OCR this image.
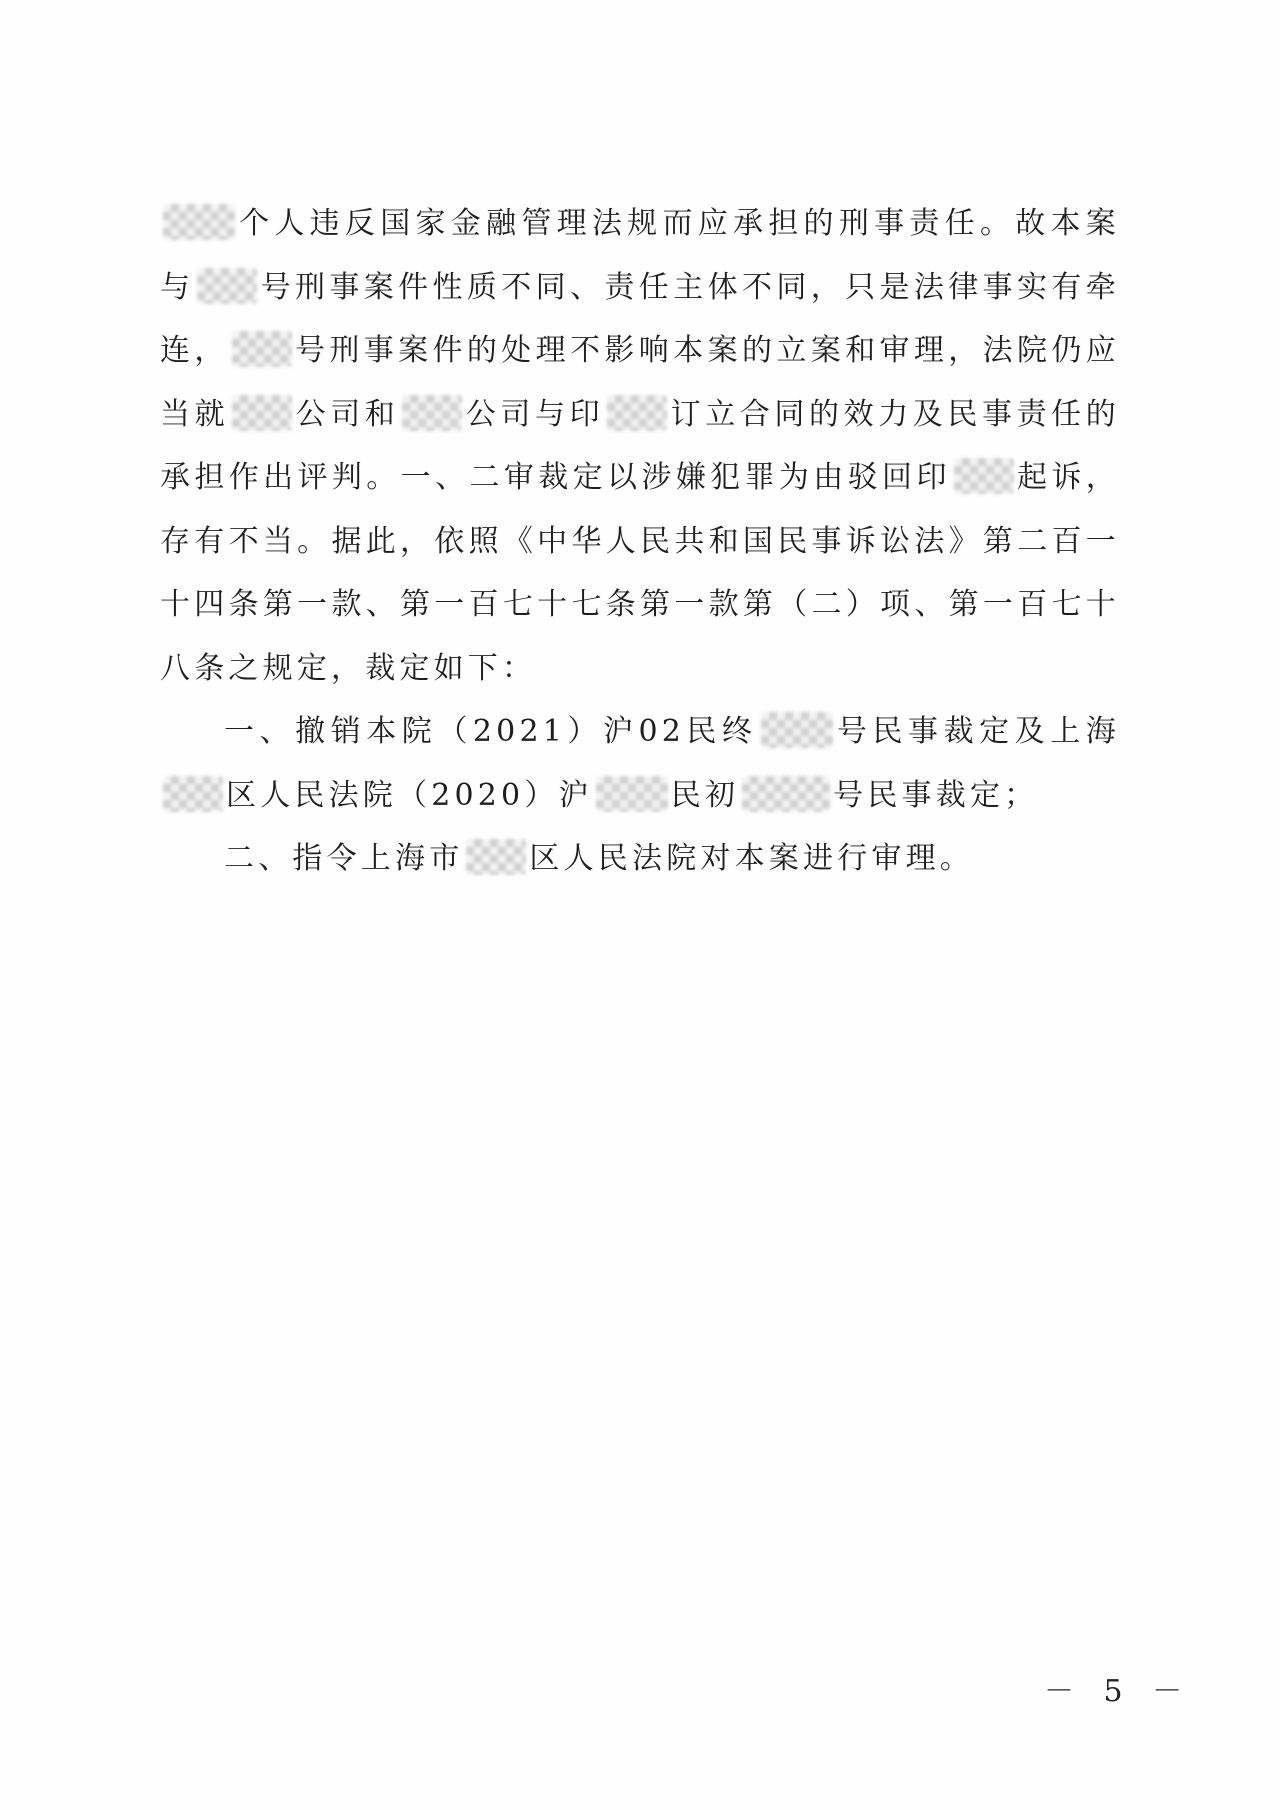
个人违反国家金融管理法规而应承担的刑事责任。故本案
与 号刑事案件性质不同、责任主体不同，只是法律事实有牵
连， 号刑事案件的处理不影响本案的立案和审理，法院仍应
当就 公司和 公司与印 订立合同的效力及民事责任的
承担作出评判。一、二审裁定以涉嫌犯罪为由驳回印 起诉，
存有不当。据此，依照《中华人民共和国民事诉讼法》第二百一
十四条第一款、第一百七十七条第一款第（二）项、第一百七十
八条之规定，裁定如下：
一、撤销本院（2021）沪02民终	号民事裁定及上海
区人民法院（2020）沪	民初	号民事裁定；
二、指令上海市 区人民法院对本案进行审理。
－ 5 －
